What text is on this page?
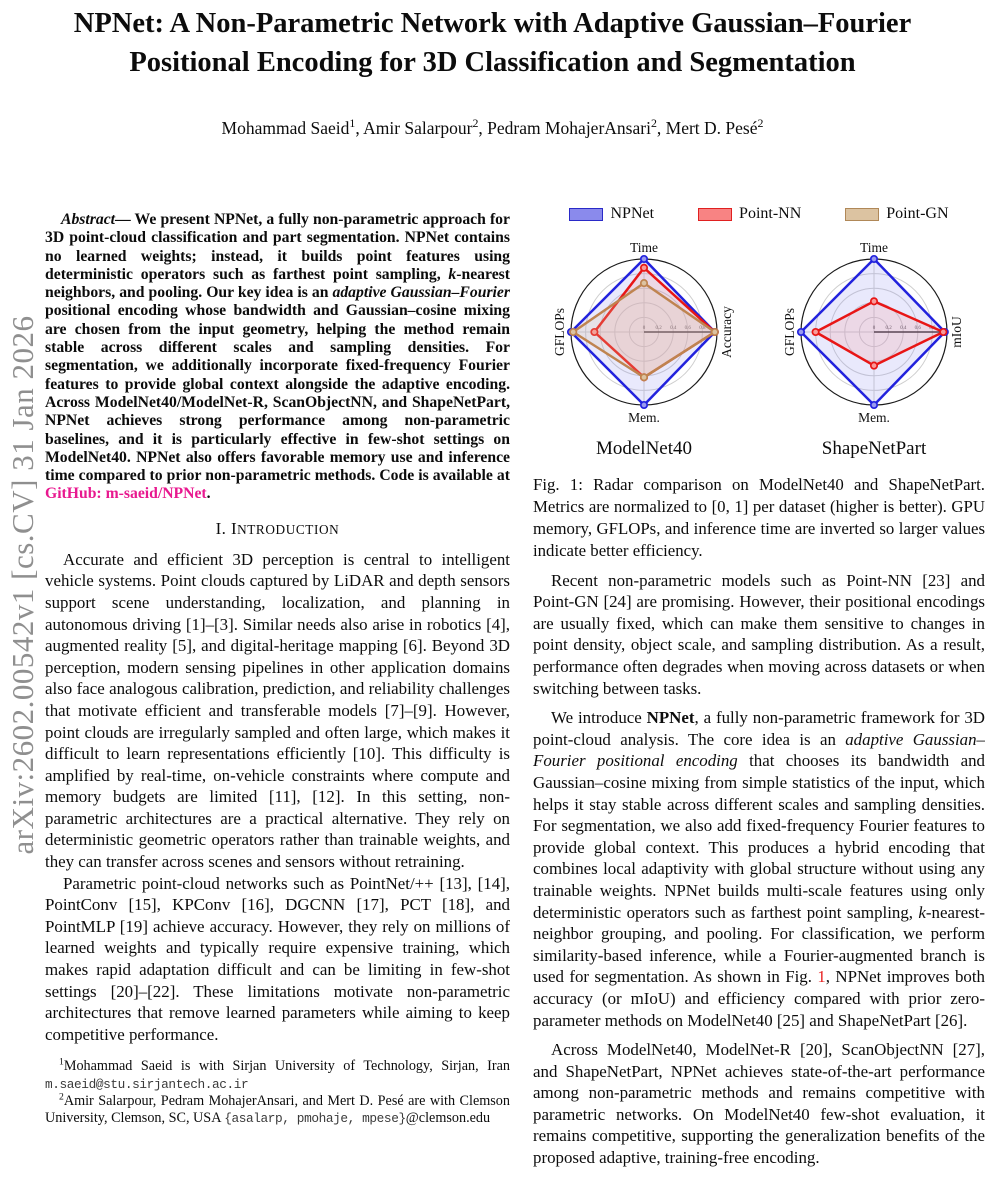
arXiv:2602.00542v1 [cs.CV] 31 Jan 2026
NPNet: A Non-Parametric Network with Adaptive Gaussian–Fourier
Positional Encoding for 3D Classification and Segmentation
Mohammad Saeid$^1$, Amir Salarpour$^2$, Pedram MohajerAnsari$^2$, Mert D. Pesé$^2$

Abstract— We present NPNet, a fully non-parametric approach for 3D point-cloud classification and part segmentation. NPNet contains no learned weights; instead, it builds point features using deterministic operators such as farthest point sampling, k-nearest neighbors, and pooling. Our key idea is an adaptive Gaussian–Fourier positional encoding whose bandwidth and Gaussian–cosine mixing are chosen from the input geometry, helping the method remain stable across different scales and sampling densities. For segmentation, we additionally incorporate fixed-frequency Fourier features to provide global context alongside the adaptive encoding. Across ModelNet40/ModelNet-R, ScanObjectNN, and ShapeNetPart, NPNet achieves strong performance among non-parametric baselines, and it is particularly effective in few-shot settings on ModelNet40. NPNet also offers favorable memory use and inference time compared to prior non-parametric methods. Code is available at GitHub: m-saeid/NPNet.

I. INTRODUCTION

Accurate and efficient 3D perception is central to intelligent vehicle systems. Point clouds captured by LiDAR and depth sensors support scene understanding, localization, and planning in autonomous driving [1]–[3]. Similar needs also arise in robotics [4], augmented reality [5], and digital-heritage mapping [6]. Beyond 3D perception, modern sensing pipelines in other application domains also face analogous calibration, prediction, and reliability challenges that motivate efficient and transferable models [7]–[9]. However, point clouds are irregularly sampled and often large, which makes it difficult to learn representations efficiently [10]. This difficulty is amplified by real-time, on-vehicle constraints where compute and memory budgets are limited [11], [12]. In this setting, non-parametric architectures are a practical alternative. They rely on deterministic geometric operators rather than trainable weights, and they can transfer across scenes and sensors without retraining.

Parametric point-cloud networks such as PointNet/++ [13], [14], PointConv [15], KPConv [16], DGCNN [17], PCT [18], and PointMLP [19] achieve accuracy. However, they rely on millions of learned weights and typically require expensive training, which makes rapid adaptation difficult and can be limiting in few-shot settings [20]–[22]. These limitations motivate non-parametric architectures that remove learned parameters while aiming to keep competitive performance.

$^1$Mohammad Saeid is with Sirjan University of Technology, Sirjan, Iran m.saeid@stu.sirjantech.ac.ir

$^2$Amir Salarpour, Pedram MohajerAnsari, and Mert D. Pesé are with Clemson University, Clemson, SC, USA {asalarp, pmohaje, mpese}@clemson.edu

NPNet	Point-NN	Point-GN
0 0.2 0.4 0.6 0.8
Time
Accuracy
Mem.
GFLOPs
ModelNet40
0 0.2 0.4 0.6 0.8
Time
mIoU
Mem.
GFLOPs
ShapeNetPart

Fig. 1: Radar comparison on ModelNet40 and ShapeNetPart. Metrics are normalized to [0, 1] per dataset (higher is better). GPU memory, GFLOPs, and inference time are inverted so larger values indicate better efficiency.

Recent non-parametric models such as Point-NN [23] and Point-GN [24] are promising. However, their positional encodings are usually fixed, which can make them sensitive to changes in point density, object scale, and sampling distribution. As a result, performance often degrades when moving across datasets or when switching between tasks.

We introduce NPNet, a fully non-parametric framework for 3D point-cloud analysis. The core idea is an adaptive Gaussian–Fourier positional encoding that chooses its bandwidth and Gaussian–cosine mixing from simple statistics of the input, which helps it stay stable across different scales and sampling densities. For segmentation, we also add fixed-frequency Fourier features to provide global context. This produces a hybrid encoding that combines local adaptivity with global structure without using any trainable weights. NPNet builds multi-scale features using only deterministic operators such as farthest point sampling, k-nearest-neighbor grouping, and pooling. For classification, we perform similarity-based inference, while a Fourier-augmented branch is used for segmentation. As shown in Fig. 1, NPNet improves both accuracy (or mIoU) and efficiency compared with prior zero-parameter methods on ModelNet40 [25] and ShapeNetPart [26].

Across ModelNet40, ModelNet-R [20], ScanObjectNN [27], and ShapeNetPart, NPNet achieves state-of-the-art performance among non-parametric methods and remains competitive with parametric networks. On ModelNet40 few-shot evaluation, it remains competitive, supporting the generalization benefits of the proposed adaptive, training-free encoding.
